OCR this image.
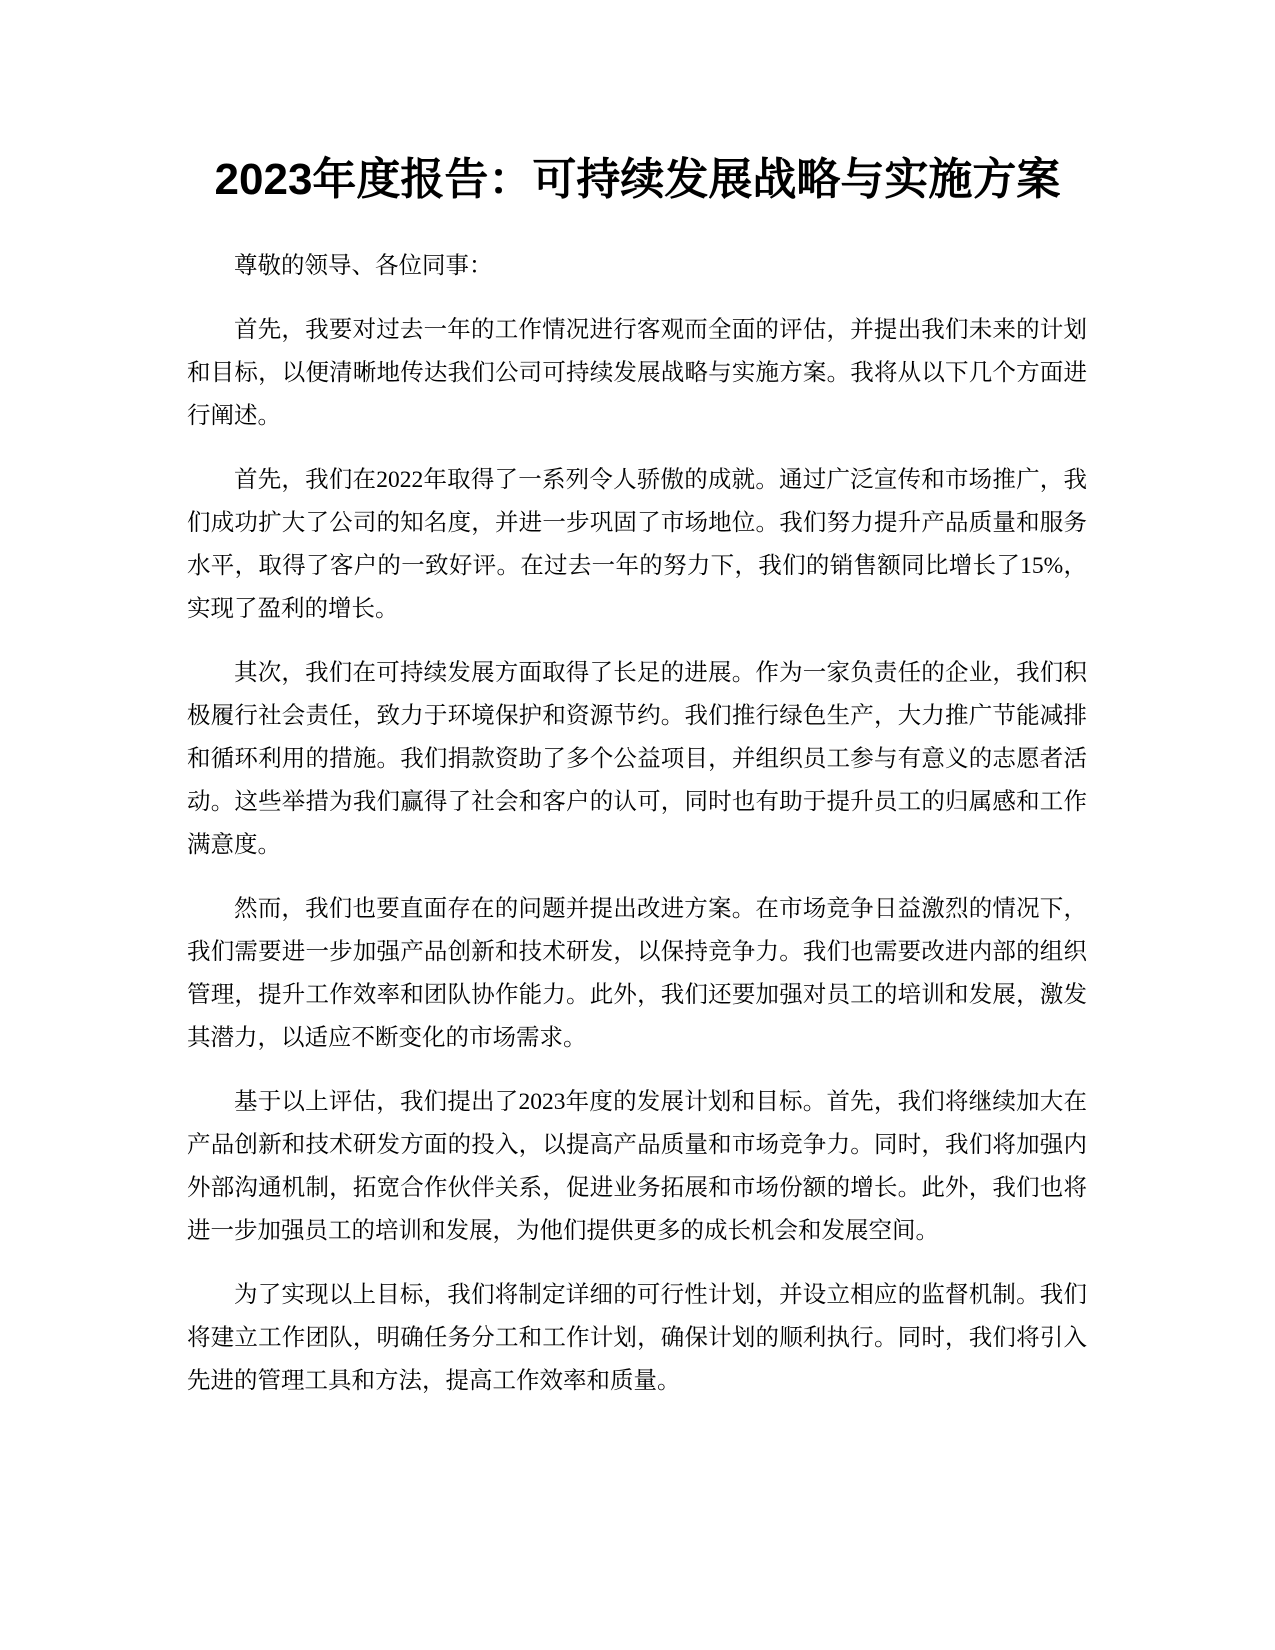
2023年度报告：可持续发展战略与实施方案

尊敬的领导、各位同事：

首先，我要对过去一年的工作情况进行客观而全面的评估，并提出我们未来的计划和目标，以便清晰地传达我们公司可持续发展战略与实施方案。我将从以下几个方面进行阐述。

首先，我们在2022年取得了一系列令人骄傲的成就。通过广泛宣传和市场推广，我们成功扩大了公司的知名度，并进一步巩固了市场地位。我们努力提升产品质量和服务水平，取得了客户的一致好评。在过去一年的努力下，我们的销售额同比增长了15%，实现了盈利的增长。

其次，我们在可持续发展方面取得了长足的进展。作为一家负责任的企业，我们积极履行社会责任，致力于环境保护和资源节约。我们推行绿色生产，大力推广节能减排和循环利用的措施。我们捐款资助了多个公益项目，并组织员工参与有意义的志愿者活动。这些举措为我们赢得了社会和客户的认可，同时也有助于提升员工的归属感和工作满意度。

然而，我们也要直面存在的问题并提出改进方案。在市场竞争日益激烈的情况下，我们需要进一步加强产品创新和技术研发，以保持竞争力。我们也需要改进内部的组织管理，提升工作效率和团队协作能力。此外，我们还要加强对员工的培训和发展，激发其潜力，以适应不断变化的市场需求。

基于以上评估，我们提出了2023年度的发展计划和目标。首先，我们将继续加大在产品创新和技术研发方面的投入，以提高产品质量和市场竞争力。同时，我们将加强内外部沟通机制，拓宽合作伙伴关系，促进业务拓展和市场份额的增长。此外，我们也将进一步加强员工的培训和发展，为他们提供更多的成长机会和发展空间。

为了实现以上目标，我们将制定详细的可行性计划，并设立相应的监督机制。我们将建立工作团队，明确任务分工和工作计划，确保计划的顺利执行。同时，我们将引入先进的管理工具和方法，提高工作效率和质量。
